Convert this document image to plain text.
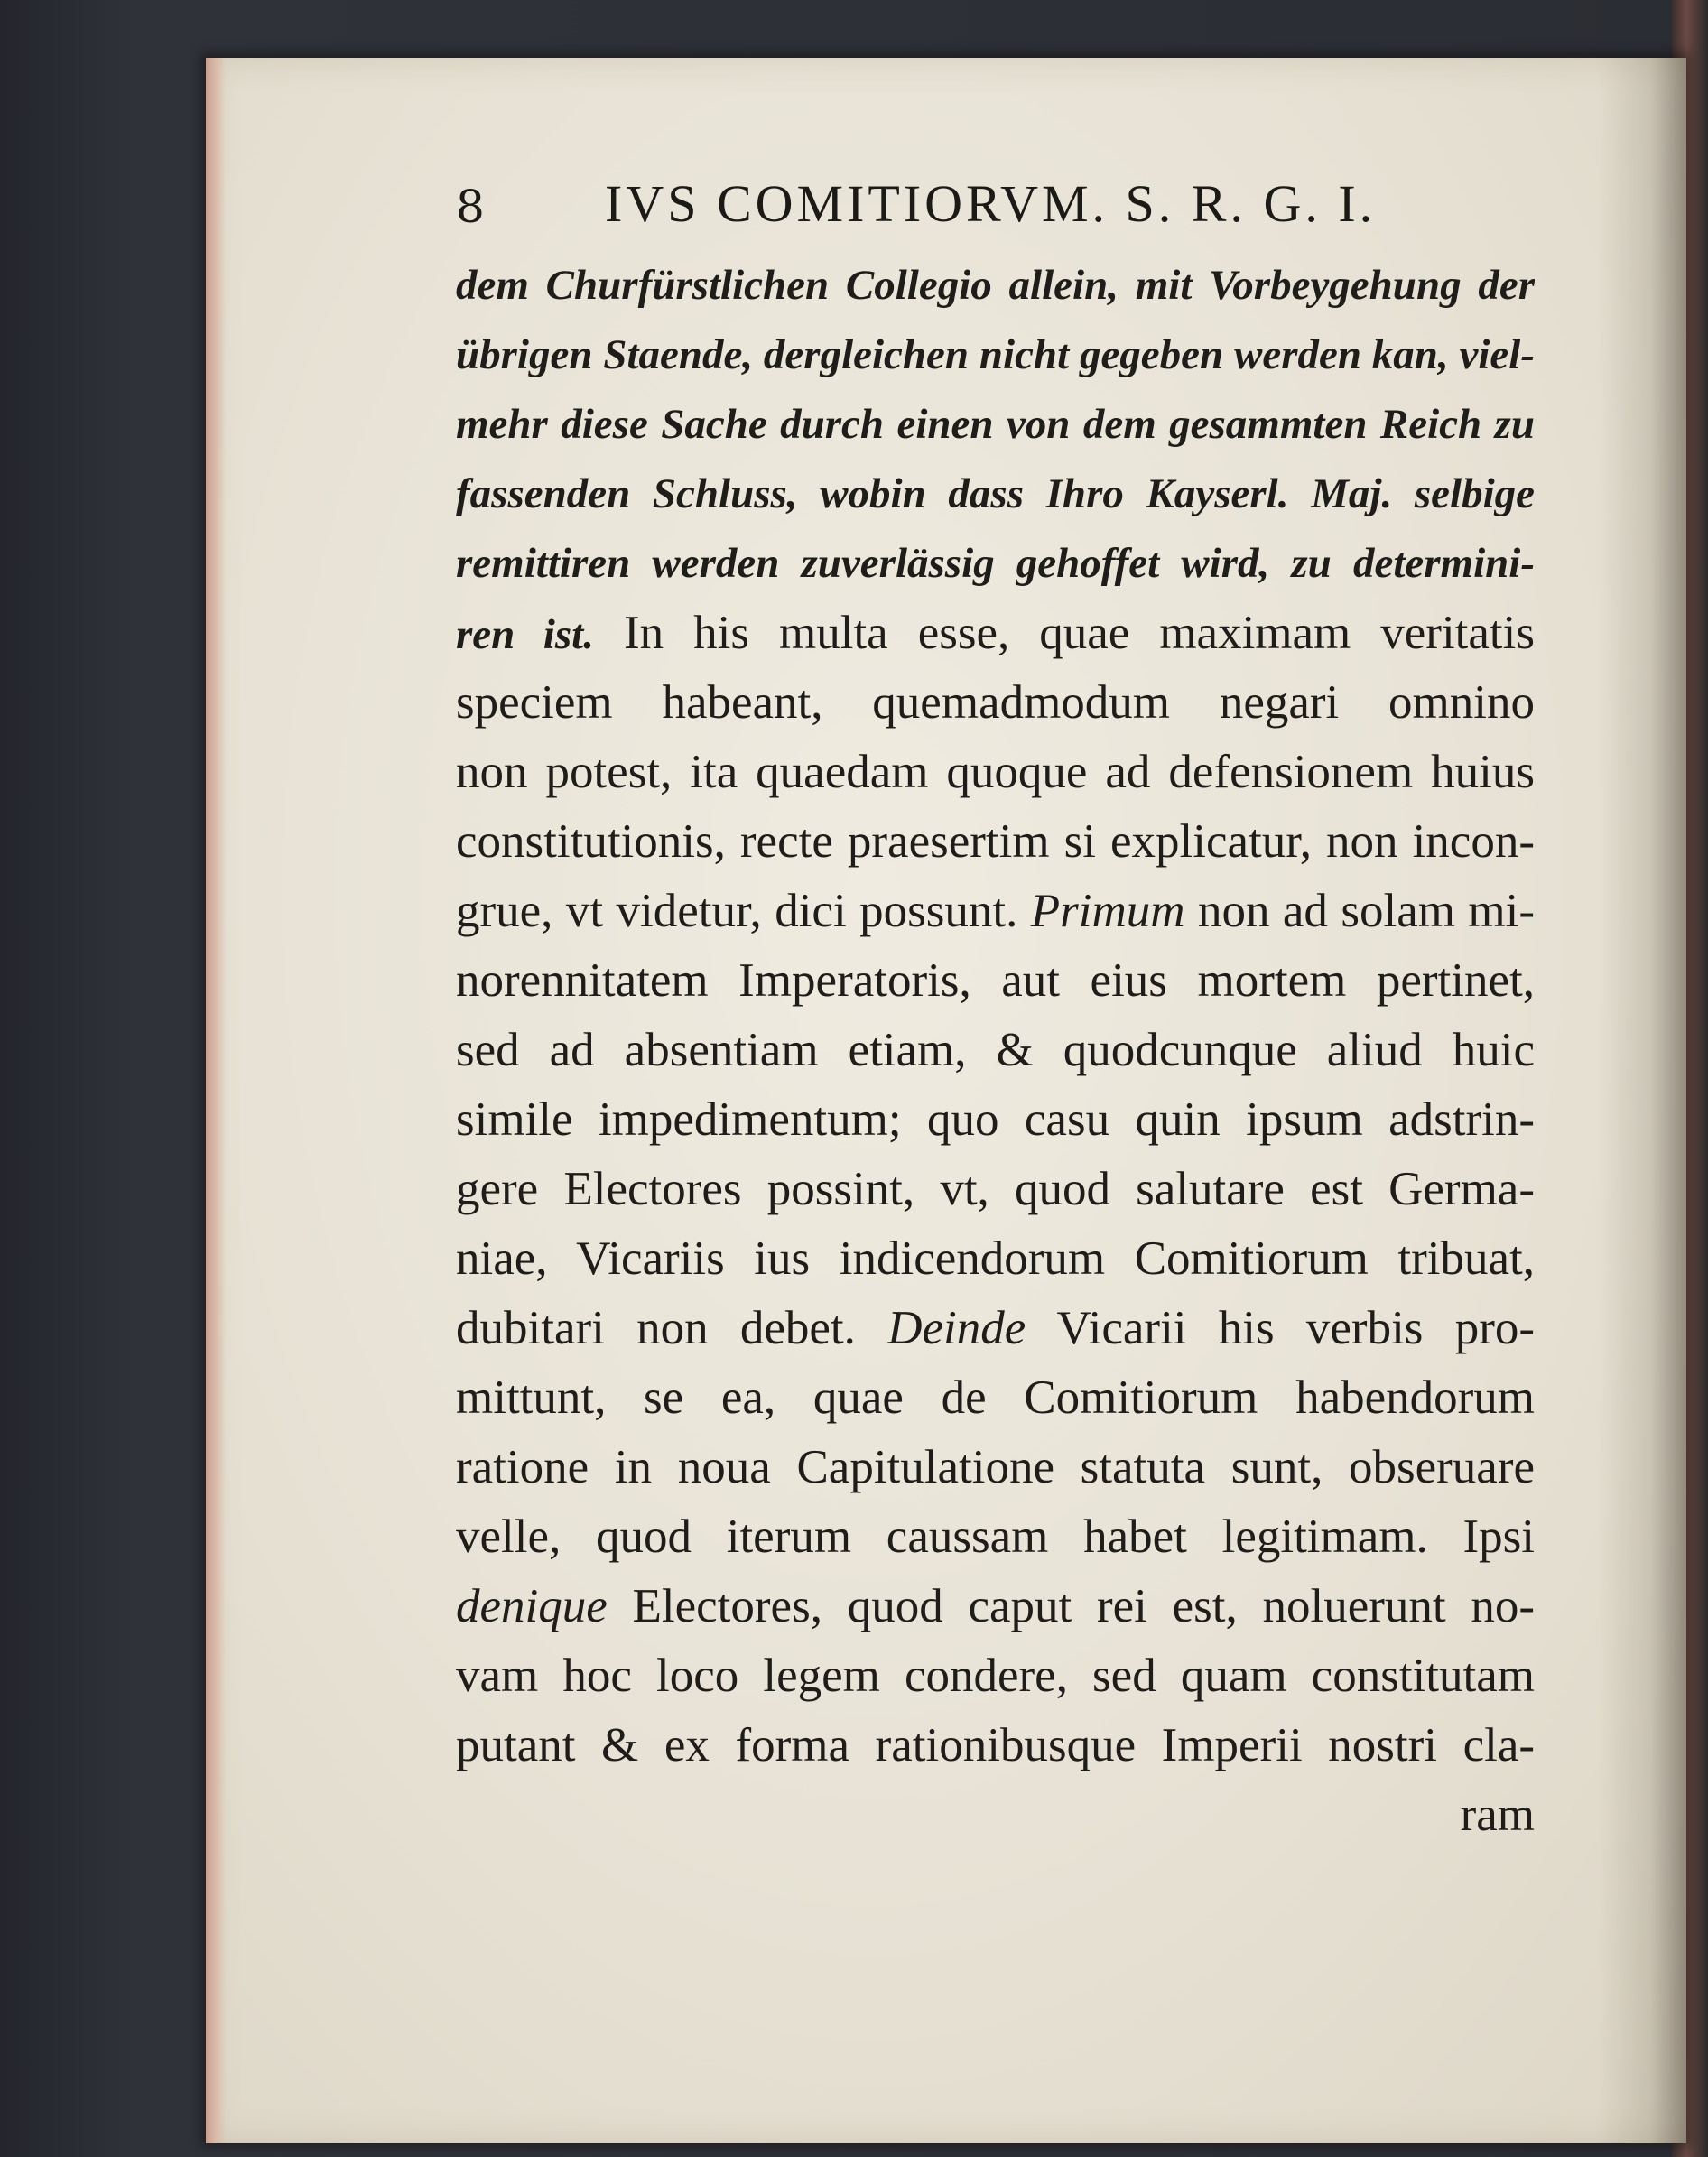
8 IVS COMITIORVM. S. R. G. I.
dem Churfürstlichen Collegio allein, mit Vorbeygehung der
übrigen Staende, dergleichen nicht gegeben werden kan, viel-
mehr diese Sache durch einen von dem gesammten Reich zu
fassenden Schluss, wobin dass Ihro Kayserl. Maj. selbige
remittiren werden zuverlässig gehoffet wird, zu determini-
ren ist. In his multa esse, quae maximam veritatis
speciem habeant, quemadmodum negari omnino
non potest, ita quaedam quoque ad defensionem huius
constitutionis, recte praesertim si explicatur, non incon-
grue, vt videtur, dici possunt. Primum non ad solam mi-
norennitatem Imperatoris, aut eius mortem pertinet,
sed ad absentiam etiam, & quodcunque aliud huic
simile impedimentum; quo casu quin ipsum adstrin-
gere Electores possint, vt, quod salutare est Germa-
niae, Vicariis ius indicendorum Comitiorum tribuat,
dubitari non debet. Deinde Vicarii his verbis pro-
mittunt, se ea, quae de Comitiorum habendorum
ratione in noua Capitulatione statuta sunt, obseruare
velle, quod iterum caussam habet legitimam. Ipsi
denique Electores, quod caput rei est, noluerunt no-
vam hoc loco legem condere, sed quam constitutam
putant & ex forma rationibusque Imperii nostri cla-
ram
